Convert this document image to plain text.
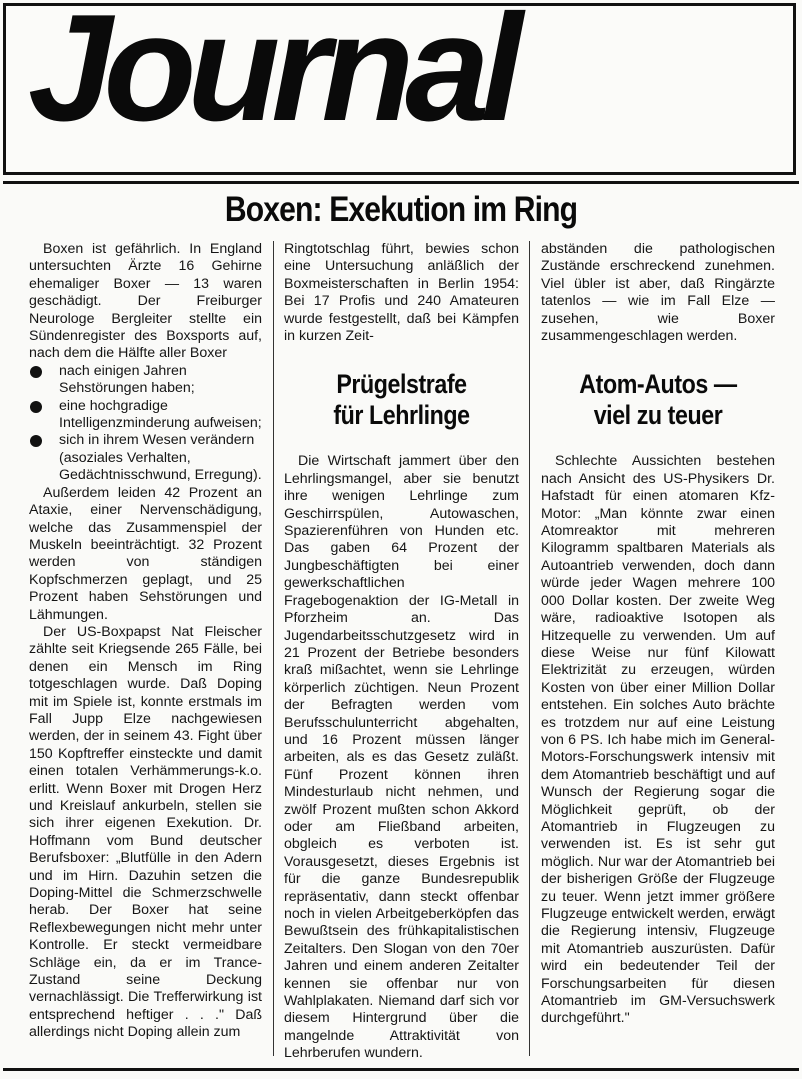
Journal
Boxen: Exekution im Ring

Boxen ist gefährlich. In England untersuchten Ärzte 16 Gehirne ehemaliger Boxer — 13 waren geschädigt. Der Freiburger Neurologe Bergleiter stellte ein Sündenregister des Boxsports auf, nach dem die Hälfte aller Boxer

nach einigen Jahren Sehstörungen haben;
eine hochgradige Intelligenzminderung aufweisen;
sich in ihrem Wesen verändern (asoziales Verhalten, Gedächtnisschwund, Erregung).

Außerdem leiden 42 Prozent an Ataxie, einer Nervenschädigung, welche das Zusammenspiel der Muskeln beeinträchtigt. 32 Prozent werden von ständigen Kopfschmerzen geplagt, und 25 Prozent haben Sehstörungen und Lähmungen.

Der US-Boxpapst Nat Fleischer zählte seit Kriegsende 265 Fälle, bei denen ein Mensch im Ring totgeschlagen wurde. Daß Doping mit im Spiele ist, konnte erstmals im Fall Jupp Elze nachgewiesen werden, der in seinem 43. Fight über 150 Kopftreffer einsteckte und damit einen totalen Verhämmerungs-k.o. erlitt. Wenn Boxer mit Drogen Herz und Kreislauf ankurbeln, stellen sie sich ihrer eigenen Exekution. Dr. Hoffmann vom Bund deutscher Berufsboxer: „Blutfülle in den Adern und im Hirn. Dazuhin setzen die Doping-Mittel die Schmerzschwelle herab. Der Boxer hat seine Reflexbewegungen nicht mehr unter Kontrolle. Er steckt vermeidbare Schläge ein, da er im Trance-Zustand seine Deckung vernachlässigt. Die Trefferwirkung ist entsprechend heftiger . . ." Daß allerdings nicht Doping allein zum

Ringtotschlag führt, bewies schon eine Untersuchung anläßlich der Boxmeisterschaften in Berlin 1954: Bei 17 Profis und 240 Amateuren wurde festgestellt, daß bei Kämpfen in kurzen Zeit-

Prügelstrafe
für Lehrlinge

Die Wirtschaft jammert über den Lehrlingsmangel, aber sie benutzt ihre wenigen Lehrlinge zum Geschirrspülen, Autowaschen, Spazierenführen von Hunden etc. Das gaben 64 Prozent der Jungbeschäftigten bei einer gewerkschaftlichen Fragebogenaktion der IG-Metall in Pforzheim an. Das Jugendarbeitsschutzgesetz wird in 21 Prozent der Betriebe besonders kraß mißachtet, wenn sie Lehrlinge körperlich züchtigen. Neun Prozent der Befragten werden vom Berufsschulunterricht abgehalten, und 16 Prozent müssen länger arbeiten, als es das Gesetz zuläßt. Fünf Prozent können ihren Mindesturlaub nicht nehmen, und zwölf Prozent mußten schon Akkord oder am Fließband arbeiten, obgleich es verboten ist. Vorausgesetzt, dieses Ergebnis ist für die ganze Bundesrepublik repräsentativ, dann steckt offenbar noch in vielen Arbeitgeberköpfen das Bewußtsein des frühkapitalistischen Zeitalters. Den Slogan von den 70er Jahren und einem anderen Zeitalter kennen sie offenbar nur von Wahlplakaten. Niemand darf sich vor diesem Hintergrund über die mangelnde Attraktivität von Lehrberufen wundern.

abständen die pathologischen Zustände erschreckend zunehmen. Viel übler ist aber, daß Ringärzte tatenlos — wie im Fall Elze — zusehen, wie Boxer zusammengeschlagen werden.

Atom-Autos —
viel zu teuer

Schlechte Aussichten bestehen nach Ansicht des US-Physikers Dr. Hafstadt für einen atomaren Kfz-Motor: „Man könnte zwar einen Atomreaktor mit mehreren Kilogramm spaltbaren Materials als Autoantrieb verwenden, doch dann würde jeder Wagen mehrere 100 000 Dollar kosten. Der zweite Weg wäre, radioaktive Isotopen als Hitzequelle zu verwenden. Um auf diese Weise nur fünf Kilowatt Elektrizität zu erzeugen, würden Kosten von über einer Million Dollar entstehen. Ein solches Auto brächte es trotzdem nur auf eine Leistung von 6 PS. Ich habe mich im General-Motors-Forschungswerk intensiv mit dem Atomantrieb beschäftigt und auf Wunsch der Regierung sogar die Möglichkeit geprüft, ob der Atomantrieb in Flugzeugen zu verwenden ist. Es ist sehr gut möglich. Nur war der Atomantrieb bei der bisherigen Größe der Flugzeuge zu teuer. Wenn jetzt immer größere Flugzeuge entwickelt werden, erwägt die Regierung intensiv, Flugzeuge mit Atomantrieb auszurüsten. Dafür wird ein bedeutender Teil der Forschungsarbeiten für diesen Atomantrieb im GM-Versuchswerk durchgeführt."
